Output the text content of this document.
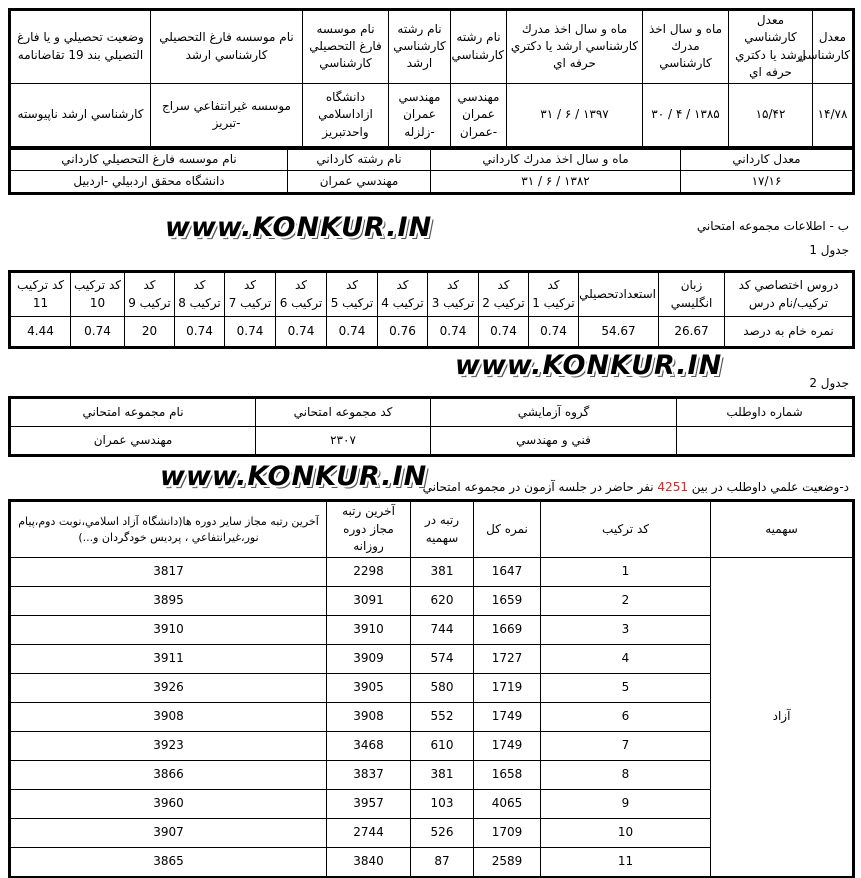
معدل كارشناسي	معدل كارشناسي ارشد يا دكتري حرفه اي	ماه و سال اخذ مدرك كارشناسي	ماه و سال اخذ مدرك كارشناسي ارشد يا دكتري حرفه اي	نام رشته كارشناسي	نام رشته كارشناسي ارشد	نام موسسه فارغ التحصيلي كارشناسي	نام موسسه فارغ التحصيلي كارشناسي ارشد	وضعيت تحصيلي و يا فارغ التصيلي بند 19 تقاضانامه
۱۴/۷۸	۱۵/۴۲	۱۳۸۵ / ۴ / ۳۰	۱۳۹۷ / ۶ / ۳۱	مهندسي عمران -عمران	مهندسي عمران -زلزله	دانشگاه ازاداسلامي واحدتبريز	موسسه غيرانتفاعي سراج -تبريز	كارشناسي ارشد ناپيوسته
معدل كارداني	ماه و سال اخذ مدرك كارداني	نام رشته كارداني	نام موسسه فارغ التحصيلي كارداني
۱۷/۱۶	۱۳۸۲ / ۶ / ۳۱	مهندسي عمران	دانشگاه محقق اردبيلي -اردبيل
ب - اطلاعات مجموعه امتحاني
www.KONKUR.IN
جدول 1
دروس اختصاصي كد تركيب/نام درس	زبان انگليسي	استعدادتحصيلي	كد تركيب 1	كد تركيب 2	كد تركيب 3	كد تركيب 4	كد تركيب 5	كد تركيب 6	كد تركيب 7	كد تركيب 8	كد تركيب 9	كد تركيب 10	كد تركيب 11
نمره خام به درصد	26.67	54.67	0.74	0.74	0.74	0.76	0.74	0.74	0.74	0.74	20	0.74	4.44
www.KONKUR.IN
جدول 2
شماره داوطلب	گروه آزمايشي	كد مجموعه امتحاني	نام مجموعه امتحاني
	فني و مهندسي	۲۳۰۷	مهندسي عمران
www.KONKUR.IN	د-وضعيت علمي داوطلب در بين 4251 نفر حاضر در جلسه آزمون در مجموعه امتحاني
سهميه	كد تركيب	نمره كل	رتبه در سهميه	آخرين رتبه مجاز دوره روزانه	آخرين رتبه مجاز ساير دوره ها(دانشگاه آزاد اسلامي،نوبت دوم،پيام نور،غيرانتفاعي ، پرديس خودگردان و...)
آزاد	1	1647	381	2298	3817
	2	1659	620	3091	3895
	3	1669	744	3910	3910
	4	1727	574	3909	3911
	5	1719	580	3905	3926
	6	1749	552	3908	3908
	7	1749	610	3468	3923
	8	1658	381	3837	3866
	9	4065	103	3957	3960
	10	1709	526	2744	3907
	11	2589	87	3840	3865
